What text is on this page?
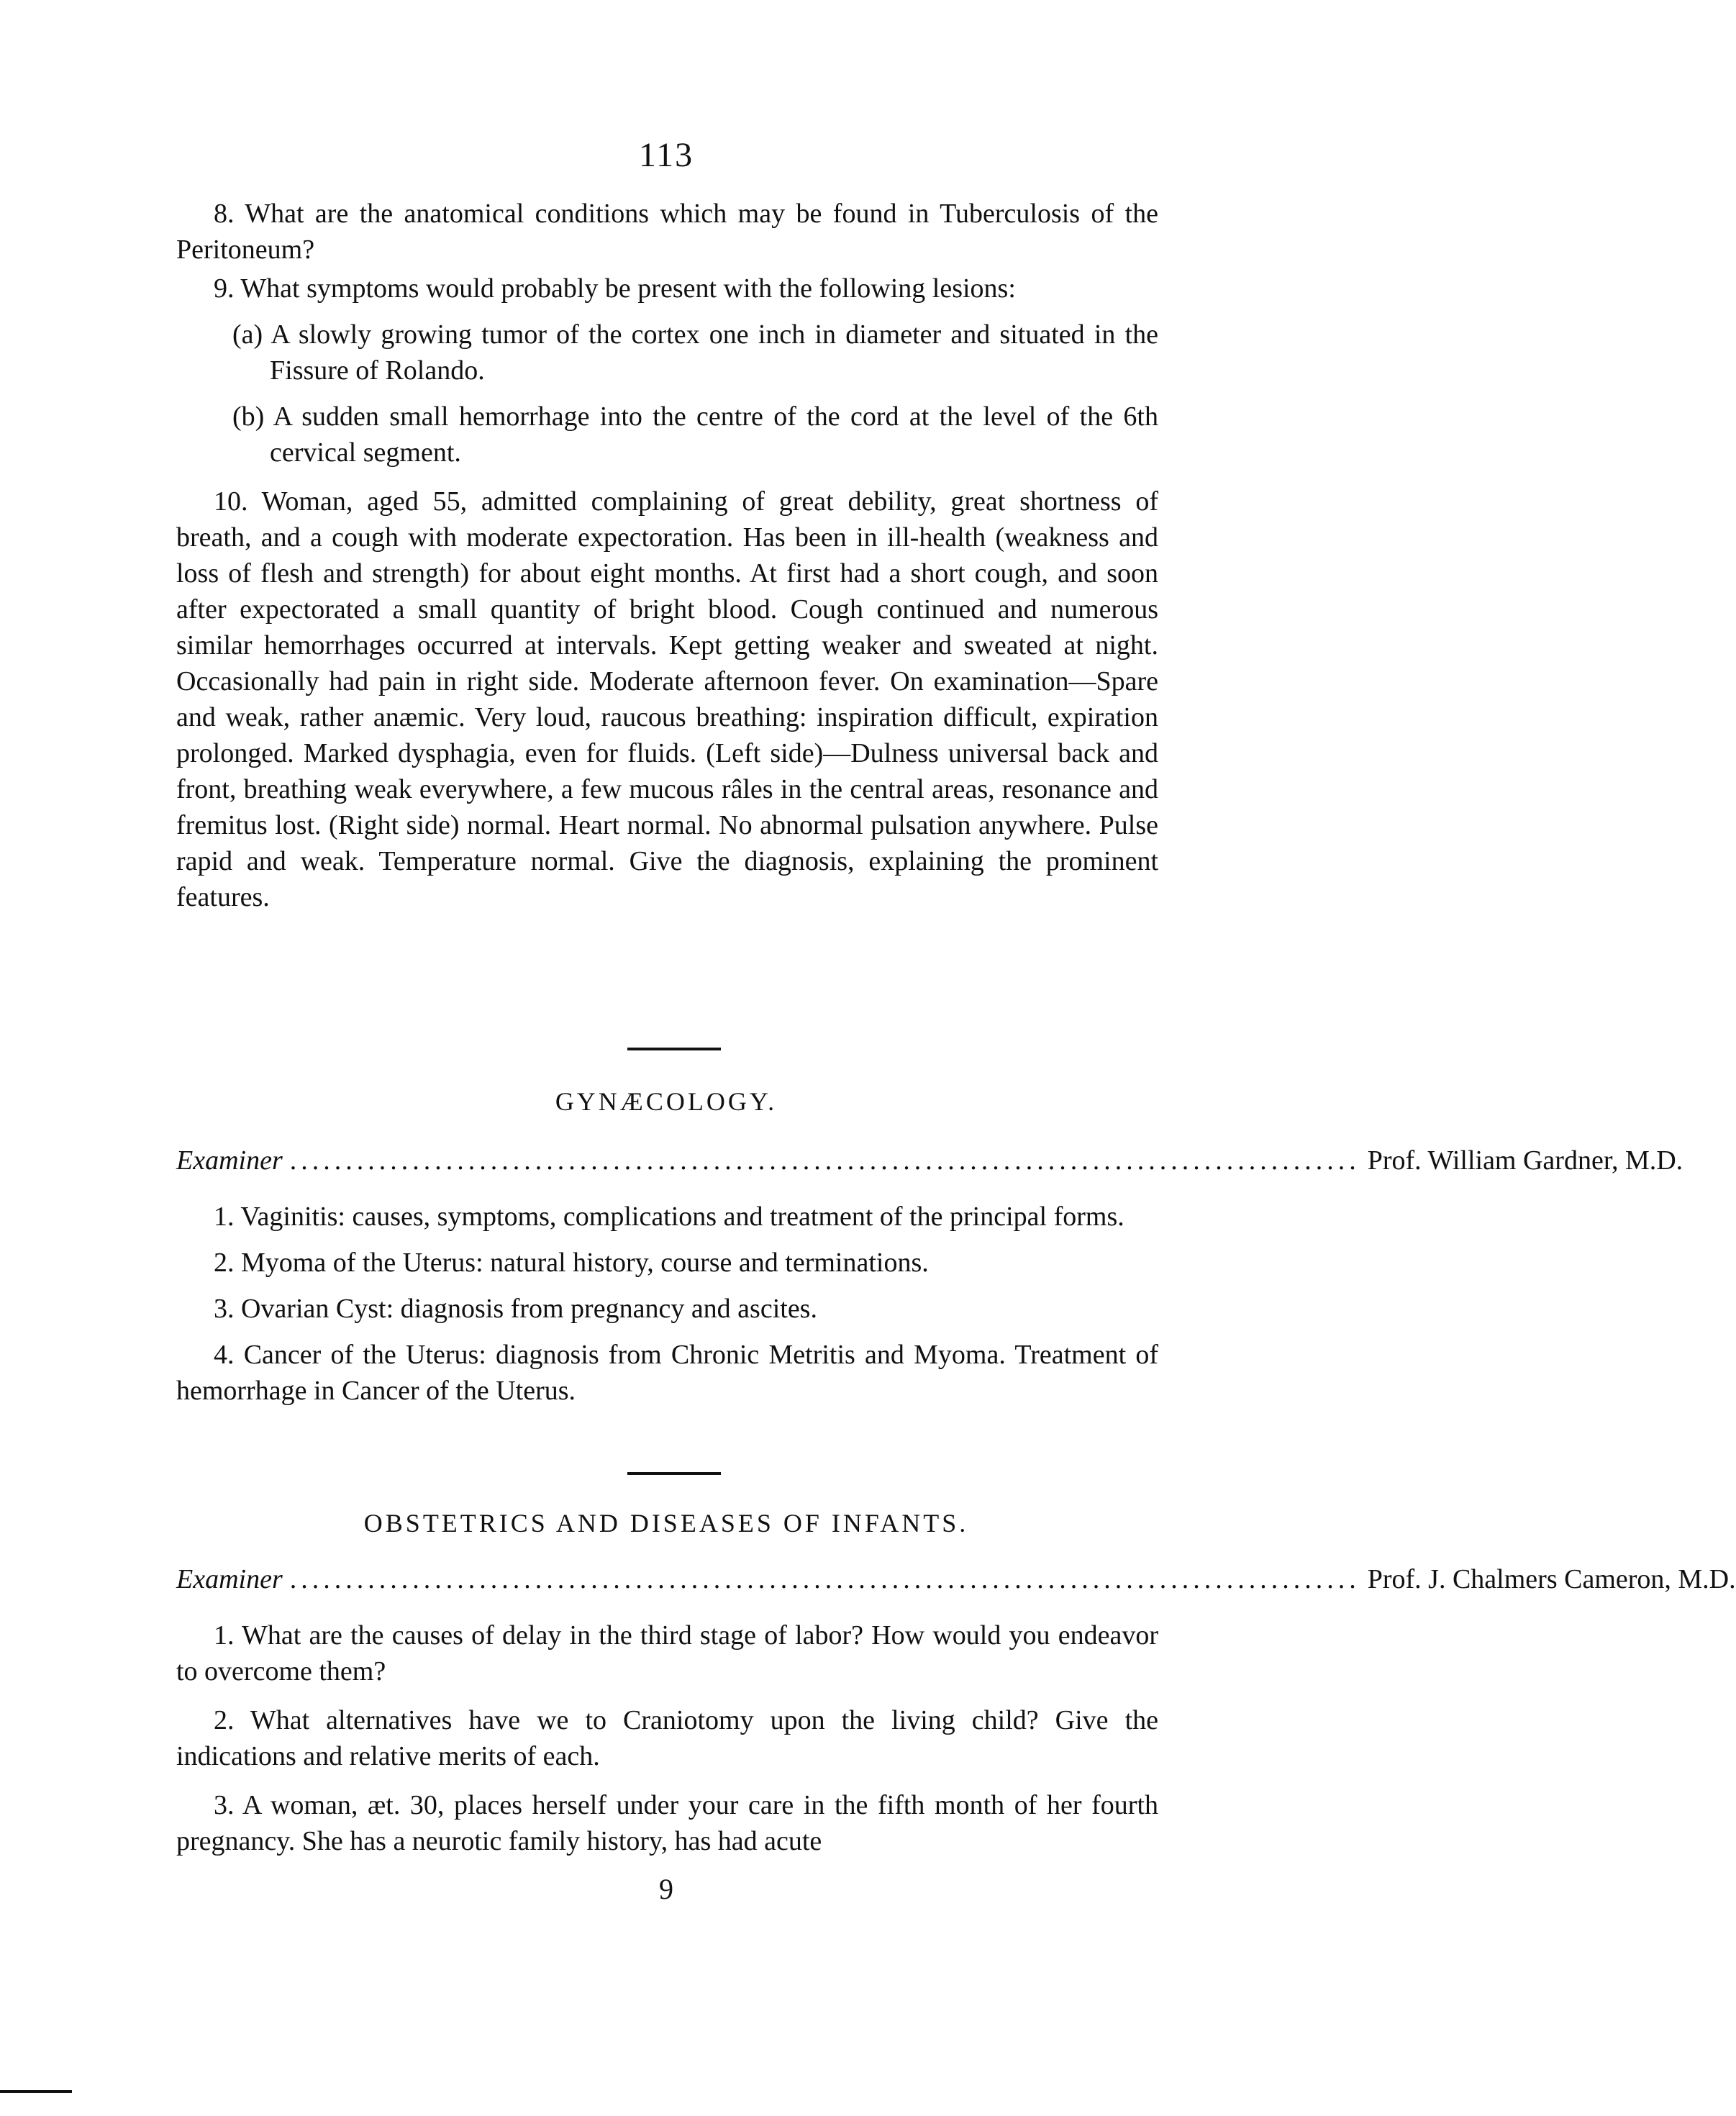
113

8. What are the anatomical conditions which may be found in Tuberculosis of the Peritoneum?

9. What symptoms would probably be present with the following lesions:

(a) A slowly growing tumor of the cortex one inch in diameter and situated in the Fissure of Rolando.

(b) A sudden small hemorrhage into the centre of the cord at the level of the 6th cervical segment.

10. Woman, aged 55, admitted complaining of great debility, great shortness of breath, and a cough with moderate expectoration. Has been in ill-health (weakness and loss of flesh and strength) for about eight months. At first had a short cough, and soon after expectorated a small quantity of bright blood. Cough continued and numerous similar hemorrhages occurred at intervals. Kept getting weaker and sweated at night. Occasionally had pain in right side. Moderate afternoon fever. On examination—Spare and weak, rather anæmic. Very loud, raucous breathing: inspiration difficult, expiration prolonged. Marked dysphagia, even for fluids. (Left side)—Dulness universal back and front, breathing weak everywhere, a few mucous râles in the central areas, resonance and fremitus lost. (Right side) normal. Heart normal. No abnormal pulsation anywhere. Pulse rapid and weak. Temperature normal. Give the diagnosis, explaining the prominent features.

GYNÆCOLOGY.
Examiner ................................................................................................ Prof. William Gardner, M.D.

1. Vaginitis: causes, symptoms, complications and treatment of the principal forms.

2. Myoma of the Uterus: natural history, course and terminations.

3. Ovarian Cyst: diagnosis from pregnancy and ascites.

4. Cancer of the Uterus: diagnosis from Chronic Metritis and Myoma. Treatment of hemorrhage in Cancer of the Uterus.

OBSTETRICS AND DISEASES OF INFANTS.
Examiner ................................................................................................ Prof. J. Chalmers Cameron, M.D.

1. What are the causes of delay in the third stage of labor? How would you endeavor to overcome them?

2. What alternatives have we to Craniotomy upon the living child? Give the indications and relative merits of each.

3. A woman, æt. 30, places herself under your care in the fifth month of her fourth pregnancy. She has a neurotic family history, has had acute

9
